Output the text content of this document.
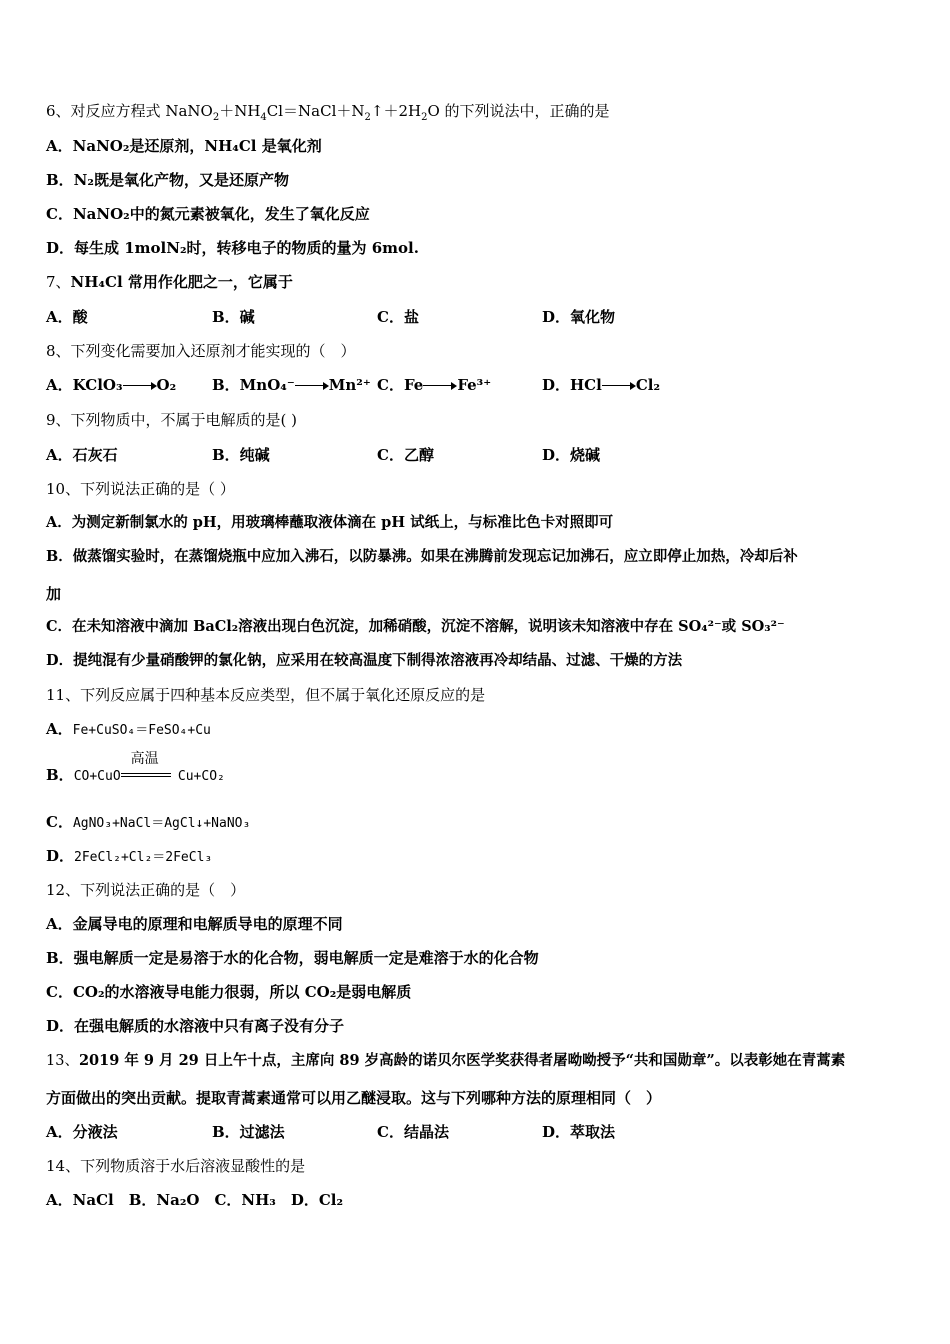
6、对反应方程式 $NaNO_2+NH_4Cl=NaCl+N_2↑+2H_2O$ 的下列说法中，正确的是
A．NaNO₂是还原剂，NH₄Cl 是氧化剂
B．N₂既是氧化产物，又是还原产物
C．NaNO₂中的氮元素被氧化，发生了氧化反应
D．每生成 1molN₂时，转移电子的物质的量为 6mol.
7、NH₄Cl 常用作化肥之一，它属于
A．酸	B．碱	C．盐	D．氧化物
8、下列变化需要加入还原剂才能实现的（　）
A．KClO₃ O₂ B．MnO₄⁻ Mn²⁺ C．Fe Fe³⁺	D．HCl Cl₂
9、下列物质中，不属于电解质的是( )
A．石灰石	B．纯碱	C．乙醇	D．烧碱
10、下列说法正确的是（ ）
A．为测定新制氯水的 pH，用玻璃棒蘸取液体滴在 pH 试纸上，与标准比色卡对照即可
B．做蒸馏实验时，在蒸馏烧瓶中应加入沸石，以防暴沸。如果在沸腾前发现忘记加沸石，应立即停止加热，冷却后补
加
C．在未知溶液中滴加 BaCl₂溶液出现白色沉淀，加稀硝酸，沉淀不溶解，说明该未知溶液中存在 SO₄²⁻或 SO₃²⁻
D．提纯混有少量硝酸钾的氯化钠，应采用在较高温度下制得浓溶液再冷却结晶、过滤、干燥的方法
11、下列反应属于四种基本反应类型，但不属于氧化还原反应的是
A．Fe+CuSO₄＝FeSO₄+Cu
B．CO+CuO
高温
Cu+CO₂
C．AgNO₃+NaCl＝AgCl↓+NaNO₃
D．2FeCl₂+Cl₂＝2FeCl₃
12、下列说法正确的是（　）
A．金属导电的原理和电解质导电的原理不同
B．强电解质一定是易溶于水的化合物，弱电解质一定是难溶于水的化合物
C．CO₂的水溶液导电能力很弱，所以 CO₂是弱电解质
D．在强电解质的水溶液中只有离子没有分子
13、2019 年 9 月 29 日上午十点，主席向 89 岁高龄的诺贝尔医学奖获得者屠呦呦授予“共和国勋章”。以表彰她在青蒿素
方面做出的突出贡献。提取青蒿素通常可以用乙醚浸取。这与下列哪种方法的原理相同（　）
A．分液法	B．过滤法	C．结晶法	D．萃取法
14、下列物质溶于水后溶液显酸性的是
A．NaCl　B．Na₂O　C．NH₃　D．Cl₂
